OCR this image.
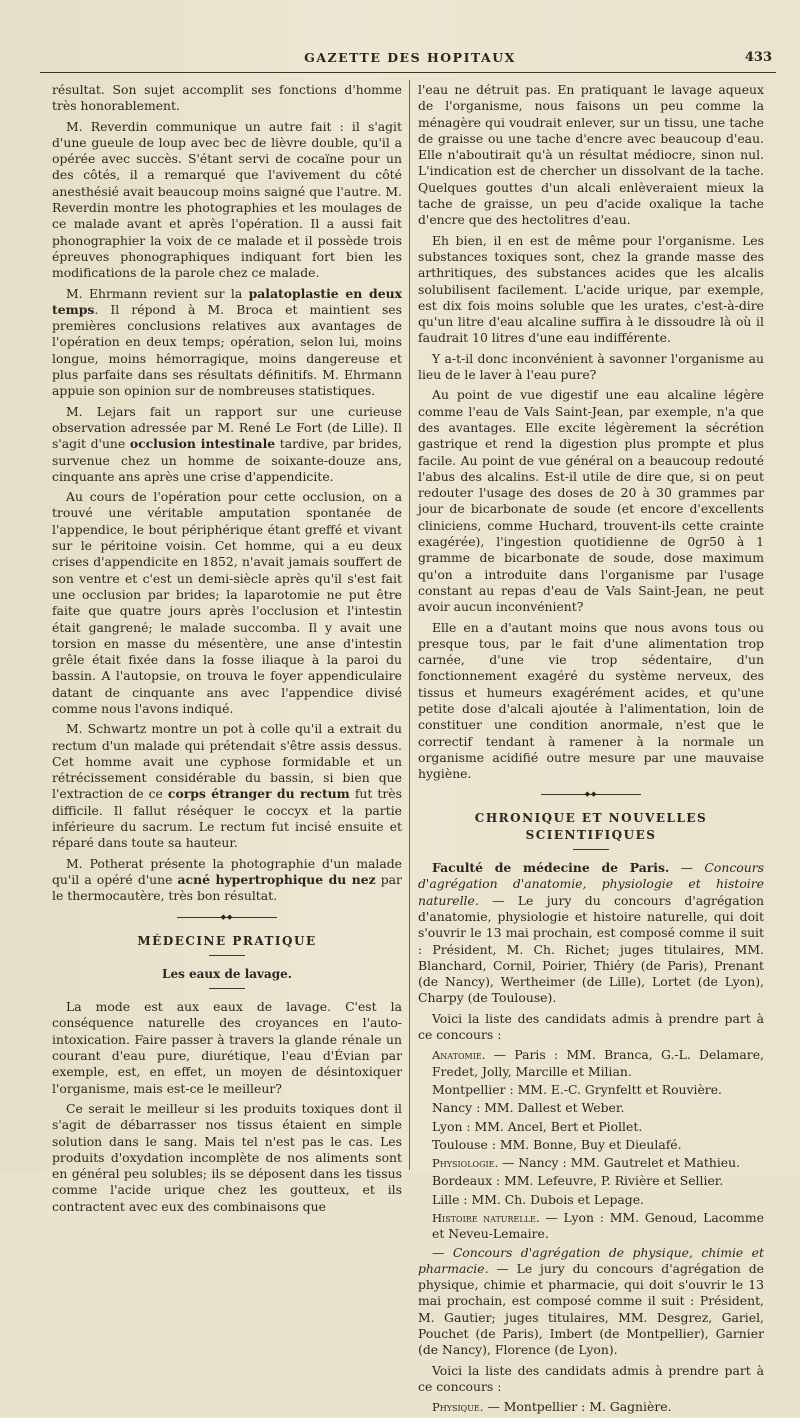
GAZETTE DES HOPITAUX	433

résultat. Son sujet accomplit ses fonctions d'homme très honorablement.

M. Reverdin communique un autre fait : il s'agit d'une gueule de loup avec bec de lièvre double, qu'il a opérée avec succès. S'étant servi de cocaïne pour un des côtés, il a remarqué que l'avivement du côté anesthésié avait beaucoup moins saigné que l'autre. M. Reverdin montre les photographies et les moulages de ce malade avant et après l'opération. Il a aussi fait phonographier la voix de ce malade et il possède trois épreuves phonographiques indiquant fort bien les modifications de la parole chez ce malade.

M. Ehrmann revient sur la palatoplastie en deux temps. Il répond à M. Broca et maintient ses premières conclusions relatives aux avantages de l'opération en deux temps; opération, selon lui, moins longue, moins hémorragique, moins dangereuse et plus parfaite dans ses résultats définitifs. M. Ehrmann appuie son opinion sur de nombreuses statistiques.

M. Lejars fait un rapport sur une curieuse observation adressée par M. René Le Fort (de Lille). Il s'agit d'une occlusion intestinale tardive, par brides, survenue chez un homme de soixante-douze ans, cinquante ans après une crise d'appendicite.

Au cours de l'opération pour cette occlusion, on a trouvé une véritable amputation spontanée de l'appendice, le bout périphérique étant greffé et vivant sur le péritoine voisin. Cet homme, qui a eu deux crises d'appendicite en 1852, n'avait jamais souffert de son ventre et c'est un demi-siècle après qu'il s'est fait une occlusion par brides; la laparotomie ne put être faite que quatre jours après l'occlusion et l'intestin était gangrené; le malade succomba. Il y avait une torsion en masse du mésentère, une anse d'intestin grêle était fixée dans la fosse iliaque à la paroi du bassin. A l'autopsie, on trouva le foyer appendiculaire datant de cinquante ans avec l'appendice divisé comme nous l'avons indiqué.

M. Schwartz montre un pot à colle qu'il a extrait du rectum d'un malade qui prétendait s'être assis dessus. Cet homme avait une cyphose formidable et un rétrécissement considérable du bassin, si bien que l'extraction de ce corps étranger du rectum fut très difficile. Il fallut réséquer le coccyx et la partie inférieure du sacrum. Le rectum fut incisé ensuite et réparé dans toute sa hauteur.

M. Potherat présente la photographie d'un malade qu'il a opéré d'une acné hypertrophique du nez par le thermocautère, très bon résultat.

◆◆
MÉDECINE PRATIQUE
Les eaux de lavage.

La mode est aux eaux de lavage. C'est la conséquence naturelle des croyances en l'auto-intoxication. Faire passer à travers la glande rénale un courant d'eau pure, diurétique, l'eau d'Évian par exemple, est, en effet, un moyen de désintoxiquer l'organisme, mais est-ce le meilleur?

Ce serait le meilleur si les produits toxiques dont il s'agit de débarrasser nos tissus étaient en simple solution dans le sang. Mais tel n'est pas le cas. Les produits d'oxydation incomplète de nos aliments sont en général peu solubles; ils se déposent dans les tissus comme l'acide urique chez les goutteux, et ils contractent avec eux des combinaisons que

l'eau ne détruit pas. En pratiquant le lavage aqueux de l'organisme, nous faisons un peu comme la ménagère qui voudrait enlever, sur un tissu, une tache de graisse ou une tache d'encre avec beaucoup d'eau. Elle n'aboutirait qu'à un résultat médiocre, sinon nul. L'indication est de chercher un dissolvant de la tache. Quelques gouttes d'un alcali enlèveraient mieux la tache de graisse, un peu d'acide oxalique la tache d'encre que des hectolitres d'eau.

Eh bien, il en est de même pour l'organisme. Les substances toxiques sont, chez la grande masse des arthritiques, des substances acides que les alcalis solubilisent facilement. L'acide urique, par exemple, est dix fois moins soluble que les urates, c'est-à-dire qu'un litre d'eau alcaline suffira à le dissoudre là où il faudrait 10 litres d'une eau indifférente.

Y a-t-il donc inconvénient à savonner l'organisme au lieu de le laver à l'eau pure?

Au point de vue digestif une eau alcaline légère comme l'eau de Vals Saint-Jean, par exemple, n'a que des avantages. Elle excite légèrement la sécrétion gastrique et rend la digestion plus prompte et plus facile. Au point de vue général on a beaucoup redouté l'abus des alcalins. Est-il utile de dire que, si on peut redouter l'usage des doses de 20 à 30 grammes par jour de bicarbonate de soude (et encore d'excellents cliniciens, comme Huchard, trouvent-ils cette crainte exagérée), l'ingestion quotidienne de 0gr50 à 1 gramme de bicarbonate de soude, dose maximum qu'on a introduite dans l'organisme par l'usage constant au repas d'eau de Vals Saint-Jean, ne peut avoir aucun inconvénient?

Elle en a d'autant moins que nous avons tous ou presque tous, par le fait d'une alimentation trop carnée, d'une vie trop sédentaire, d'un fonctionnement exagéré du système nerveux, des tissus et humeurs exagérément acides, et qu'une petite dose d'alcali ajoutée à l'alimentation, loin de constituer une condition anormale, n'est que le correctif tendant à ramener à la normale un organisme acidifié outre mesure par une mauvaise hygiène.

◆◆
CHRONIQUE ET NOUVELLES SCIENTIFIQUES

Faculté de médecine de Paris. — Concours d'agrégation d'anatomie, physiologie et histoire naturelle. — Le jury du concours d'agrégation d'anatomie, physiologie et histoire naturelle, qui doit s'ouvrir le 13 mai prochain, est composé comme il suit : Président, M. Ch. Richet; juges titulaires, MM. Blanchard, Cornil, Poirier, Thiéry (de Paris), Prenant (de Nancy), Wertheimer (de Lille), Lortet (de Lyon), Charpy (de Toulouse).

Voici la liste des candidats admis à prendre part à ce concours :

Anatomie. — Paris : MM. Branca, G.-L. Delamare, Fredet, Jolly, Marcille et Milian.

Montpellier : MM. E.-C. Grynfeltt et Rouvière.

Nancy : MM. Dallest et Weber.

Lyon : MM. Ancel, Bert et Piollet.

Toulouse : MM. Bonne, Buy et Dieulafé.

Physiologie. — Nancy : MM. Gautrelet et Mathieu.

Bordeaux : MM. Lefeuvre, P. Rivière et Sellier.

Lille : MM. Ch. Dubois et Lepage.

Histoire naturelle. — Lyon : MM. Genoud, Lacomme et Neveu-Lemaire.

— Concours d'agrégation de physique, chimie et pharmacie. — Le jury du concours d'agrégation de physique, chimie et pharmacie, qui doit s'ouvrir le 13 mai prochain, est composé comme il suit : Président, M. Gautier; juges titulaires, MM. Desgrez, Gariel, Pouchet (de Paris), Imbert (de Montpellier), Garnier (de Nancy), Florence (de Lyon).

Voici la liste des candidats admis à prendre part à ce concours :

Physique. — Montpellier : M. Gagnière.
